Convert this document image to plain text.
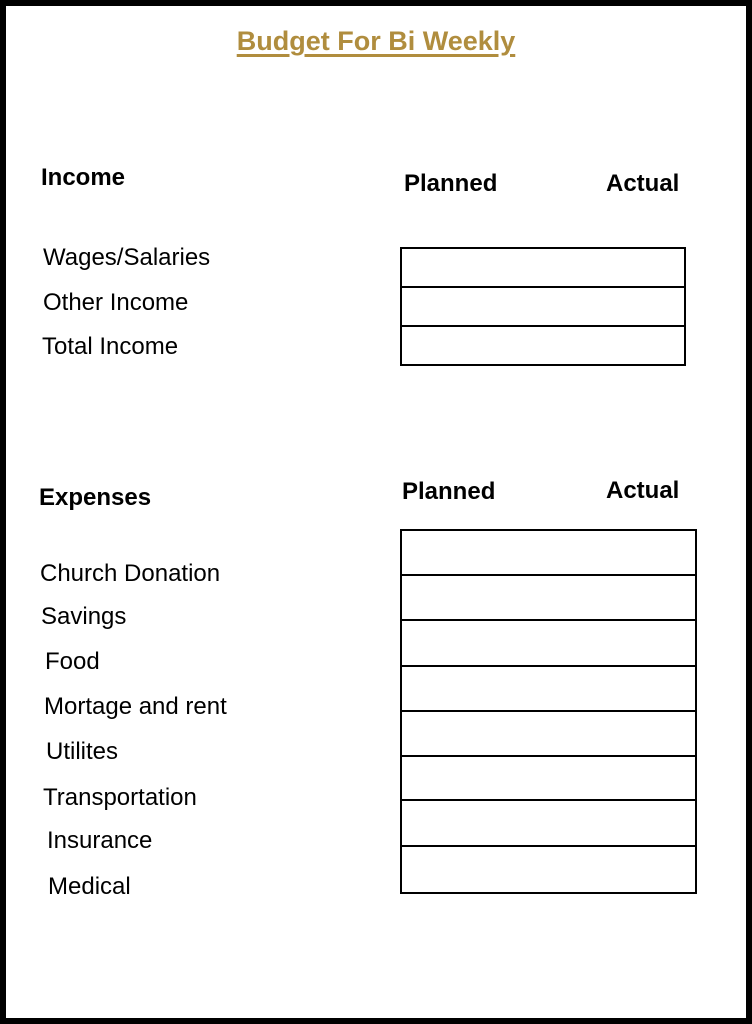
Budget For Bi Weekly
Income	Planned	Actual
Wages/Salaries
Other Income
Total Income
Expenses	Planned	Actual
Church Donation
Savings
Food
Mortage and rent
Utilites
Transportation
Insurance
Medical
